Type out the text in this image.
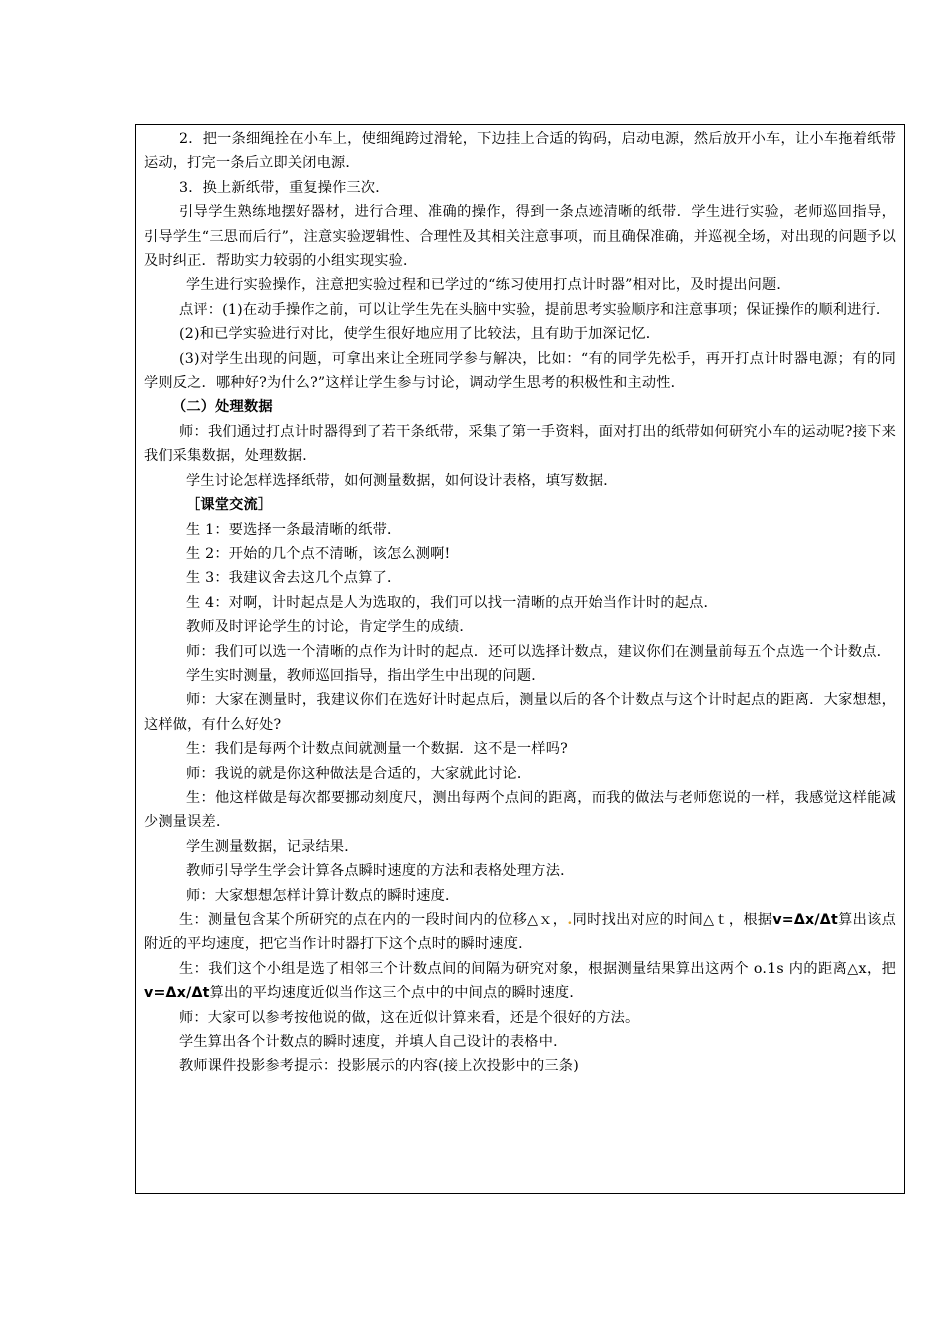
2．把一条细绳拴在小车上，使细绳跨过滑轮，下边挂上合适的钩码，启动电源，然后放开小车，让小车拖着纸带运动，打完一条后立即关闭电源．

3．换上新纸带，重复操作三次．

引导学生熟练地摆好器材，进行合理、准确的操作，得到一条点迹清晰的纸带．学生进行实验，老师巡回指导，引导学生“三思而后行”，注意实验逻辑性、合理性及其相关注意事项，而且确保准确，并巡视全场，对出现的问题予以及时纠正．帮助实力较弱的小组实现实验．

学生进行实验操作，注意把实验过程和已学过的“练习使用打点计时器”相对比，及时提出问题．

点评：(1)在动手操作之前，可以让学生先在头脑中实验，提前思考实验顺序和注意事项；保证操作的顺利进行．

(2)和已学实验进行对比，使学生很好地应用了比较法，且有助于加深记忆．

(3)对学生出现的问题，可拿出来让全班同学参与解决，比如：“有的同学先松手，再开打点计时器电源；有的同学则反之．哪种好?为什么?”这样让学生参与讨论，调动学生思考的积极性和主动性．

（二）处理数据

师：我们通过打点计时器得到了若干条纸带，采集了第一手资料，面对打出的纸带如何研究小车的运动呢?接下来我们采集数据，处理数据．

学生讨论怎样选择纸带，如何测量数据，如何设计表格，填写数据．

［课堂交流］

生 1：要选择一条最清晰的纸带．

生 2：开始的几个点不清晰，该怎么测啊!

生 3：我建议舍去这几个点算了．

生 4：对啊，计时起点是人为选取的，我们可以找一清晰的点开始当作计时的起点．

教师及时评论学生的讨论，肯定学生的成绩．

师：我们可以选一个清晰的点作为计时的起点．还可以选择计数点，建议你们在测量前每五个点选一个计数点．

学生实时测量，教师巡回指导，指出学生中出现的问题．

师：大家在测量时，我建议你们在选好计时起点后，测量以后的各个计数点与这个计时起点的距离．大家想想，这样做，有什么好处?

生：我们是每两个计数点间就测量一个数据．这不是一样吗?

师：我说的就是你这种做法是合适的，大家就此讨论．

生：他这样做是每次都要挪动刻度尺，测出每两个点间的距离，而我的做法与老师您说的一样，我感觉这样能减少测量误差．

学生测量数据，记录结果．

教师引导学生学会计算各点瞬时速度的方法和表格处理方法．

师：大家想想怎样计算计数点的瞬时速度．

生：测量包含某个所研究的点在内的一段时间内的位移△ｘ，.同时找出对应的时间△ｔ，根据v=Δx/Δt算出该点附近的平均速度，把它当作计时器打下这个点时的瞬时速度．

生：我们这个小组是选了相邻三个计数点间的间隔为研究对象，根据测量结果算出这两个 o.1s 内的距离△x，把 v=Δx/Δt算出的平均速度近似当作这三个点中的中间点的瞬时速度．

师：大家可以参考按他说的做，这在近似计算来看，还是个很好的方法。

学生算出各个计数点的瞬时速度，并填人自己设计的表格中．

教师课件投影参考提示：投影展示的内容(接上次投影中的三条)
